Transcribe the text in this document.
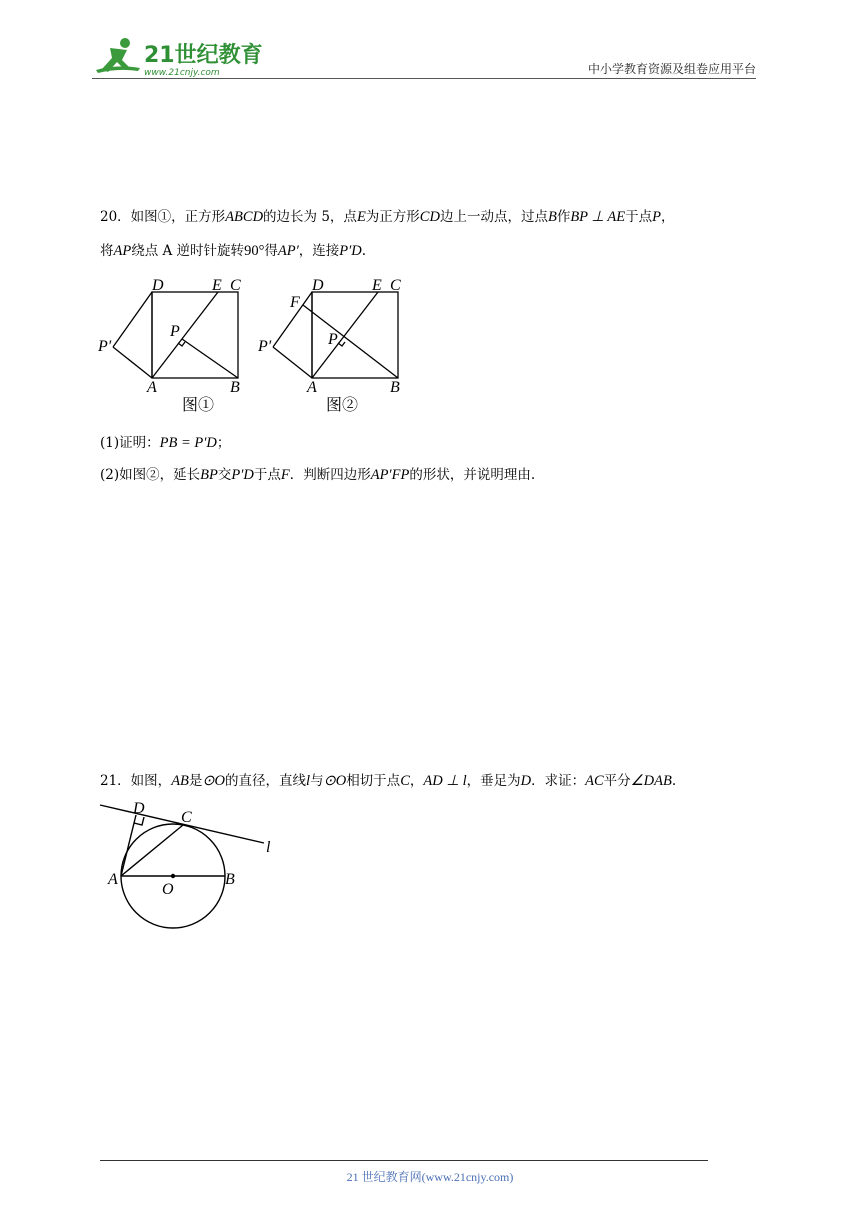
21世纪教育
www.21cnjy.com	中小学教育资源及组卷应用平台
20．如图①，正方形ABCD的边长为 5，点E为正方形CD边上一动点，过点B作BP ⊥ AE于点P，
将AP绕点 A 逆时针旋转90°得AP′，连接P′D.
D	E C
P
P′
A	B
图①
F
D	E C
P
P′
A	B
图②
(1)证明：PB = P′D；
(2)如图②，延长BP交P′D于点F．判断四边形AP′FP的形状，并说明理由.
21．如图，AB是⊙O的直径，直线l与⊙O相切于点C，AD ⊥ l，垂足为D．求证：AC平分∠DAB.
D
C
l
A
O
B
21 世纪教育网(www.21cnjy.com)
